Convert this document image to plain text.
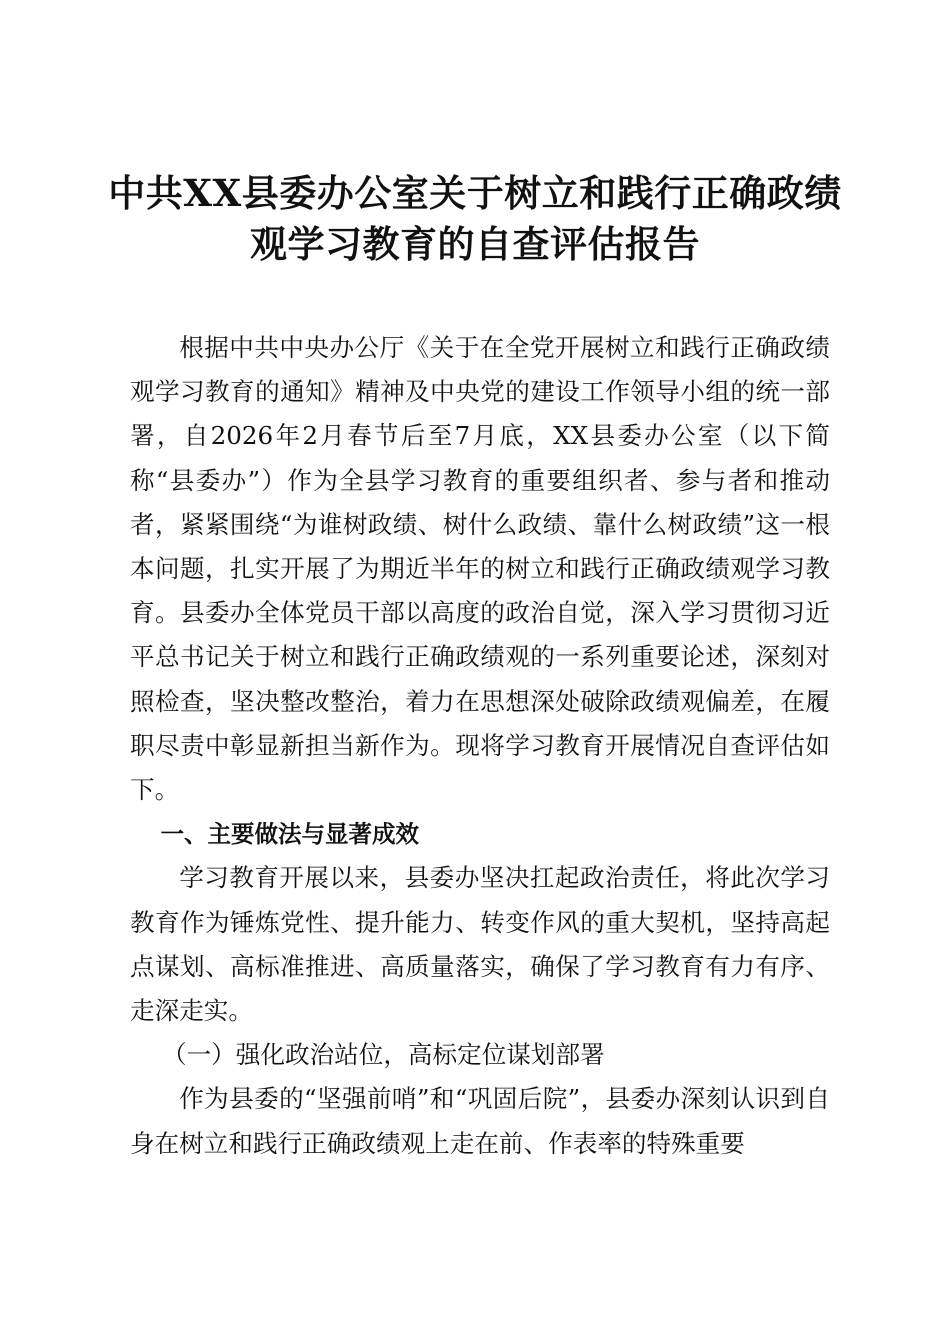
中共XX县委办公室关于树立和践行正确政绩
观学习教育的自查评估报告

根据中共中央办公厅《关于在全党开展树立和践行正确政绩观学习教育的通知》精神及中央党的建设工作领导小组的统一部署，自2026年2月春节后至7月底，XX县委办公室（以下简称“县委办”）作为全县学习教育的重要组织者、参与者和推动者，紧紧围绕“为谁树政绩、树什么政绩、靠什么树政绩”这一根本问题，扎实开展了为期近半年的树立和践行正确政绩观学习教育。县委办全体党员干部以高度的政治自觉，深入学习贯彻习近平总书记关于树立和践行正确政绩观的一系列重要论述，深刻对照检查，坚决整改整治，着力在思想深处破除政绩观偏差，在履职尽责中彰显新担当新作为。现将学习教育开展情况自查评估如下。

一、主要做法与显著成效

学习教育开展以来，县委办坚决扛起政治责任，将此次学习教育作为锤炼党性、提升能力、转变作风的重大契机，坚持高起点谋划、高标准推进、高质量落实，确保了学习教育有力有序、走深走实。

（一）强化政治站位，高标定位谋划部署

作为县委的“坚强前哨”和“巩固后院”，县委办深刻认识到自身在树立和践行正确政绩观上走在前、作表率的特殊重要
